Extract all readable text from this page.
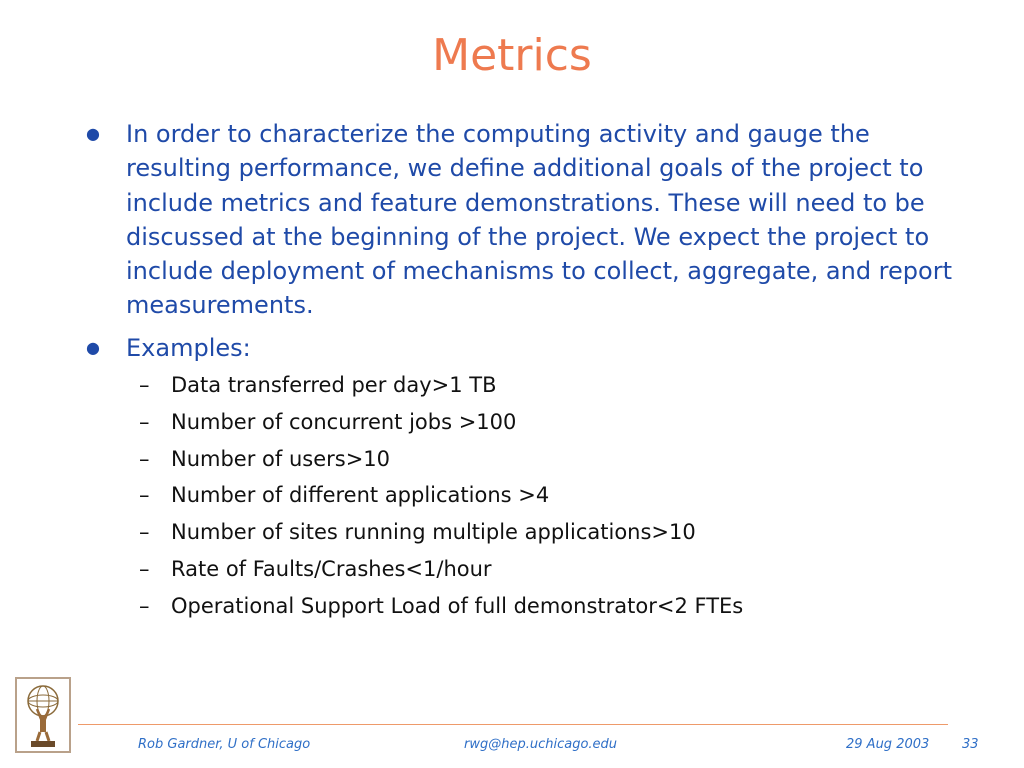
Metrics
● In order to characterize the computing activity and gauge the resulting performance, we define additional goals of the project to include metrics and feature demonstrations. These will need to be discussed at the beginning of the project. We expect the project to include deployment of mechanisms to collect, aggregate, and report measurements.
● Examples:
– Data transferred per day>1 TB
– Number of concurrent jobs >100
– Number of users>10
– Number of different applications >4
– Number of sites running multiple applications>10
– Rate of Faults/Crashes<1/hour
– Operational Support Load of full demonstrator<2 FTEs
Rob Gardner, U of Chicago	rwg@hep.uchicago.edu	29 Aug 2003	33
